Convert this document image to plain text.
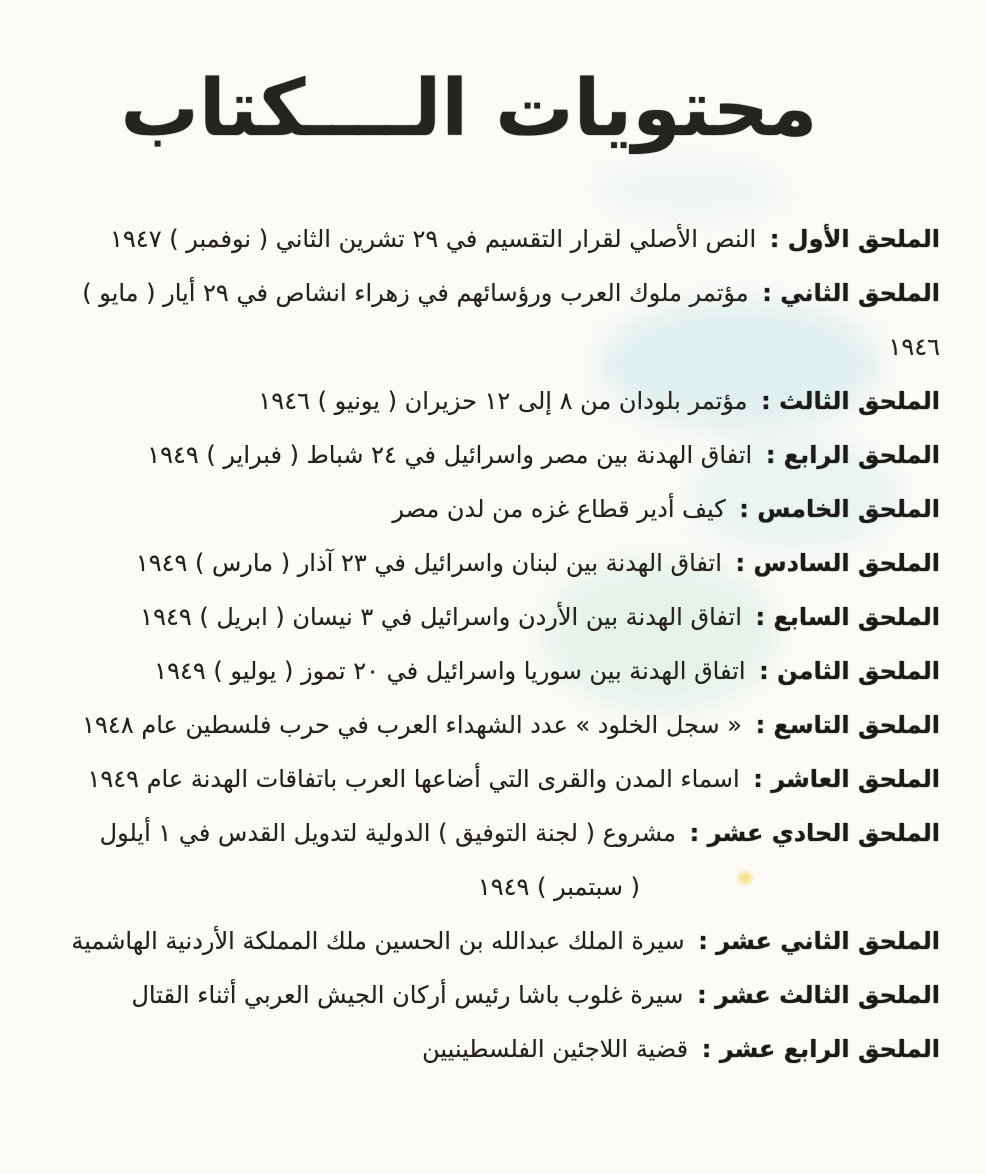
محتويات الــــكتاب
الملحق الأول : النص الأصلي لقرار التقسيم في ٢٩ تشرين الثاني ( نوفمبر ) ١٩٤٧
الملحق الثاني : مؤتمر ملوك العرب ورؤسائهم في زهراء انشاص في ٢٩ أيار ( مايو ) ١٩٤٦
الملحق الثالث : مؤتمر بلودان من ٨ إلى ١٢ حزيران ( يونيو ) ١٩٤٦
الملحق الرابع : اتفاق الهدنة بين مصر واسرائيل في ٢٤ شباط ( فبراير ) ١٩٤٩
الملحق الخامس : كيف أدير قطاع غزه من لدن مصر
الملحق السادس : اتفاق الهدنة بين لبنان واسرائيل في ٢٣ آذار ( مارس ) ١٩٤٩
الملحق السابع : اتفاق الهدنة بين الأردن واسرائيل في ٣ نيسان ( ابريل ) ١٩٤٩
الملحق الثامن : اتفاق الهدنة بين سوريا واسرائيل في ٢٠ تموز ( يوليو ) ١٩٤٩
الملحق التاسع : « سجل الخلود » عدد الشهداء العرب في حرب فلسطين عام ١٩٤٨
الملحق العاشر : اسماء المدن والقرى التي أضاعها العرب باتفاقات الهدنة عام ١٩٤٩
الملحق الحادي عشر : مشروع ( لجنة التوفيق ) الدولية لتدويل القدس في ١ أيلول
( سبتمبر ) ١٩٤٩
الملحق الثاني عشر : سيرة الملك عبدالله بن الحسين ملك المملكة الأردنية الهاشمية
الملحق الثالث عشر : سيرة غلوب باشا رئيس أركان الجيش العربي أثناء القتال
الملحق الرابع عشر : قضية اللاجئين الفلسطينيين
